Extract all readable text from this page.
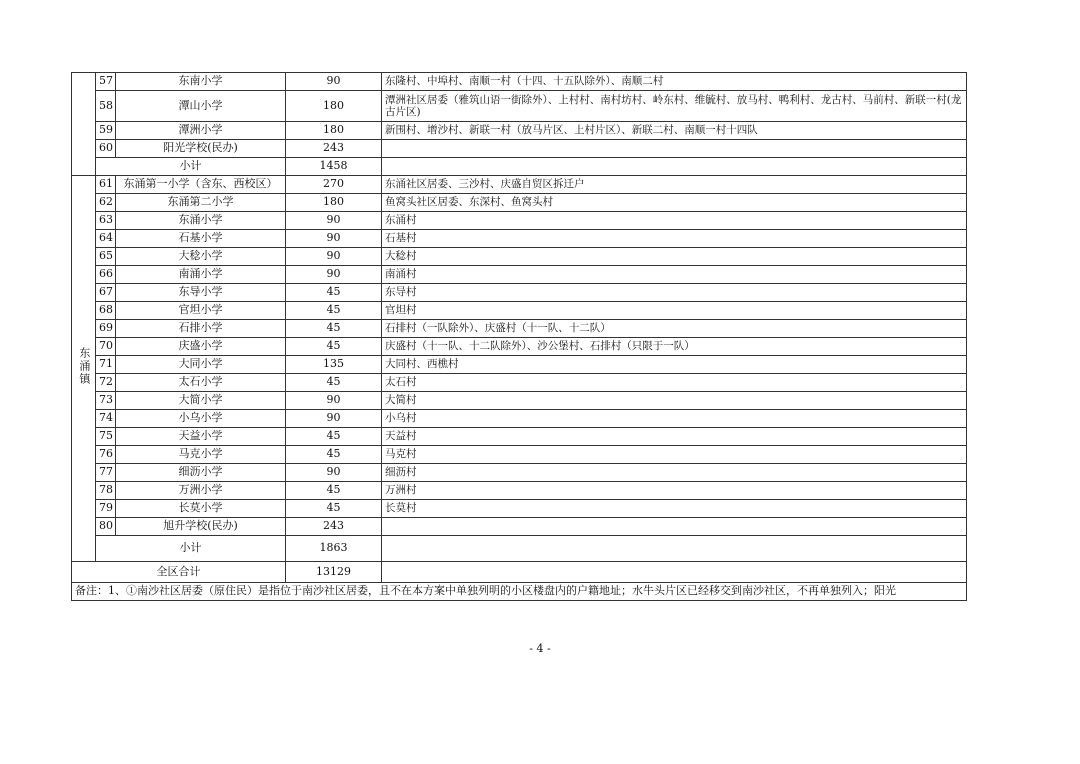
	57	东南小学	90	东隆村、中埠村、南顺一村（十四、十五队除外）、南顺二村
	58	潭山小学	180	潭洲社区居委（雅筑山语一街除外）、上村村、南村坊村、岭东村、维毓村、放马村、鸭利村、龙古村、马前村、新联一村(龙古片区)
	59	潭洲小学	180	新围村、增沙村、新联一村（放马片区、上村片区）、新联二村、南顺一村十四队
	60	阳光学校(民办)	243	
	小计		1458	
东涌镇	61	东涌第一小学（含东、西校区）	270	东涌社区居委、三沙村、庆盛自贸区拆迁户
	62	东涌第二小学	180	鱼窝头社区居委、东深村、鱼窝头村
	63	东涌小学	90	东涌村
	64	石基小学	90	石基村
	65	大稔小学	90	大稔村
	66	南涌小学	90	南涌村
	67	东导小学	45	东导村
	68	官坦小学	45	官坦村
	69	石排小学	45	石排村（一队除外）、庆盛村（十一队、十二队）
	70	庆盛小学	45	庆盛村（十一队、十二队除外）、沙公堡村、石排村（只限于一队）
	71	大同小学	135	大同村、西樵村
	72	太石小学	45	太石村
	73	大简小学	90	大简村
	74	小乌小学	90	小乌村
	75	天益小学	45	天益村
	76	马克小学	45	马克村
	77	细沥小学	90	细沥村
	78	万洲小学	45	万洲村
	79	长莫小学	45	长莫村
	80	旭升学校(民办)	243	
	小计		1863	
全区合计			13129	
备注：1、①南沙社区居委（原住民）是指位于南沙社区居委，且不在本方案中单独列明的小区楼盘内的户籍地址；水牛头片区已经移交到南沙社区，不再单独列入；阳光				
- 4 -
